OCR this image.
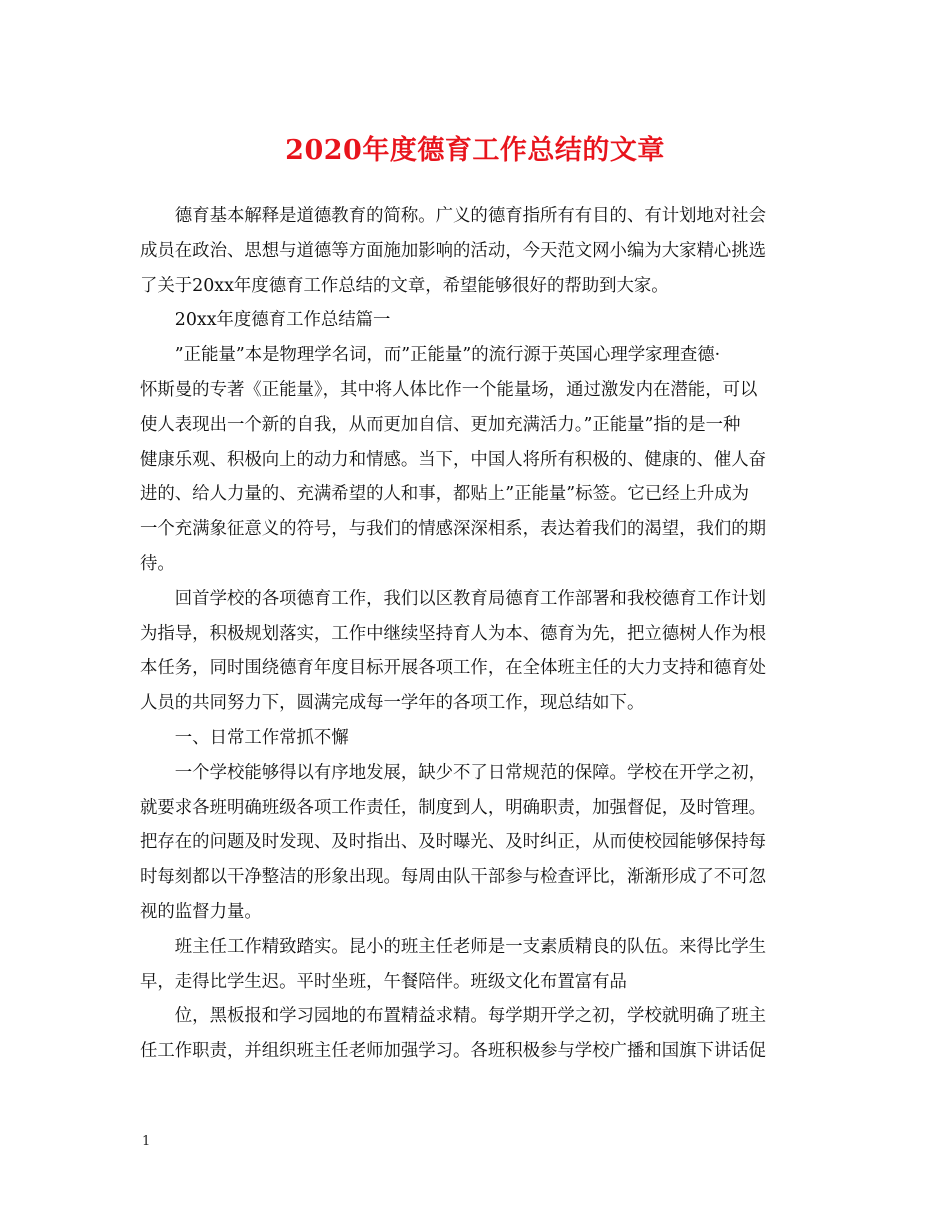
2020年度德育工作总结的文章
　　德育基本解释是道德教育的简称。广义的德育指所有有目的、有计划地对社会
成员在政治、思想与道德等方面施加影响的活动，今天范文网小编为大家精心挑选
了关于20xx年度德育工作总结的文章，希望能够很好的帮助到大家。
　　20xx年度德育工作总结篇一
　　”正能量”本是物理学名词，而”正能量”的流行源于英国心理学家理查德·
怀斯曼的专著《正能量》，其中将人体比作一个能量场，通过激发内在潜能，可以
使人表现出一个新的自我，从而更加自信、更加充满活力。”正能量”指的是一种
健康乐观、积极向上的动力和情感。当下，中国人将所有积极的、健康的、催人奋
进的、给人力量的、充满希望的人和事，都贴上”正能量”标签。它已经上升成为
一个充满象征意义的符号，与我们的情感深深相系，表达着我们的渴望，我们的期
待。
　　回首学校的各项德育工作，我们以区教育局德育工作部署和我校德育工作计划
为指导，积极规划落实，工作中继续坚持育人为本、德育为先，把立德树人作为根
本任务，同时围绕德育年度目标开展各项工作，在全体班主任的大力支持和德育处
人员的共同努力下，圆满完成每一学年的各项工作，现总结如下。
　　一、日常工作常抓不懈
　　一个学校能够得以有序地发展，缺少不了日常规范的保障。学校在开学之初，
就要求各班明确班级各项工作责任，制度到人，明确职责，加强督促，及时管理。
把存在的问题及时发现、及时指出、及时曝光、及时纠正，从而使校园能够保持每
时每刻都以干净整洁的形象出现。每周由队干部参与检查评比，渐渐形成了不可忽
视的监督力量。
　　班主任工作精致踏实。昆小的班主任老师是一支素质精良的队伍。来得比学生
早，走得比学生迟。平时坐班，午餐陪伴。班级文化布置富有品
　　位，黑板报和学习园地的布置精益求精。每学期开学之初，学校就明确了班主
任工作职责，并组织班主任老师加强学习。各班积极参与学校广播和国旗下讲话促
1
